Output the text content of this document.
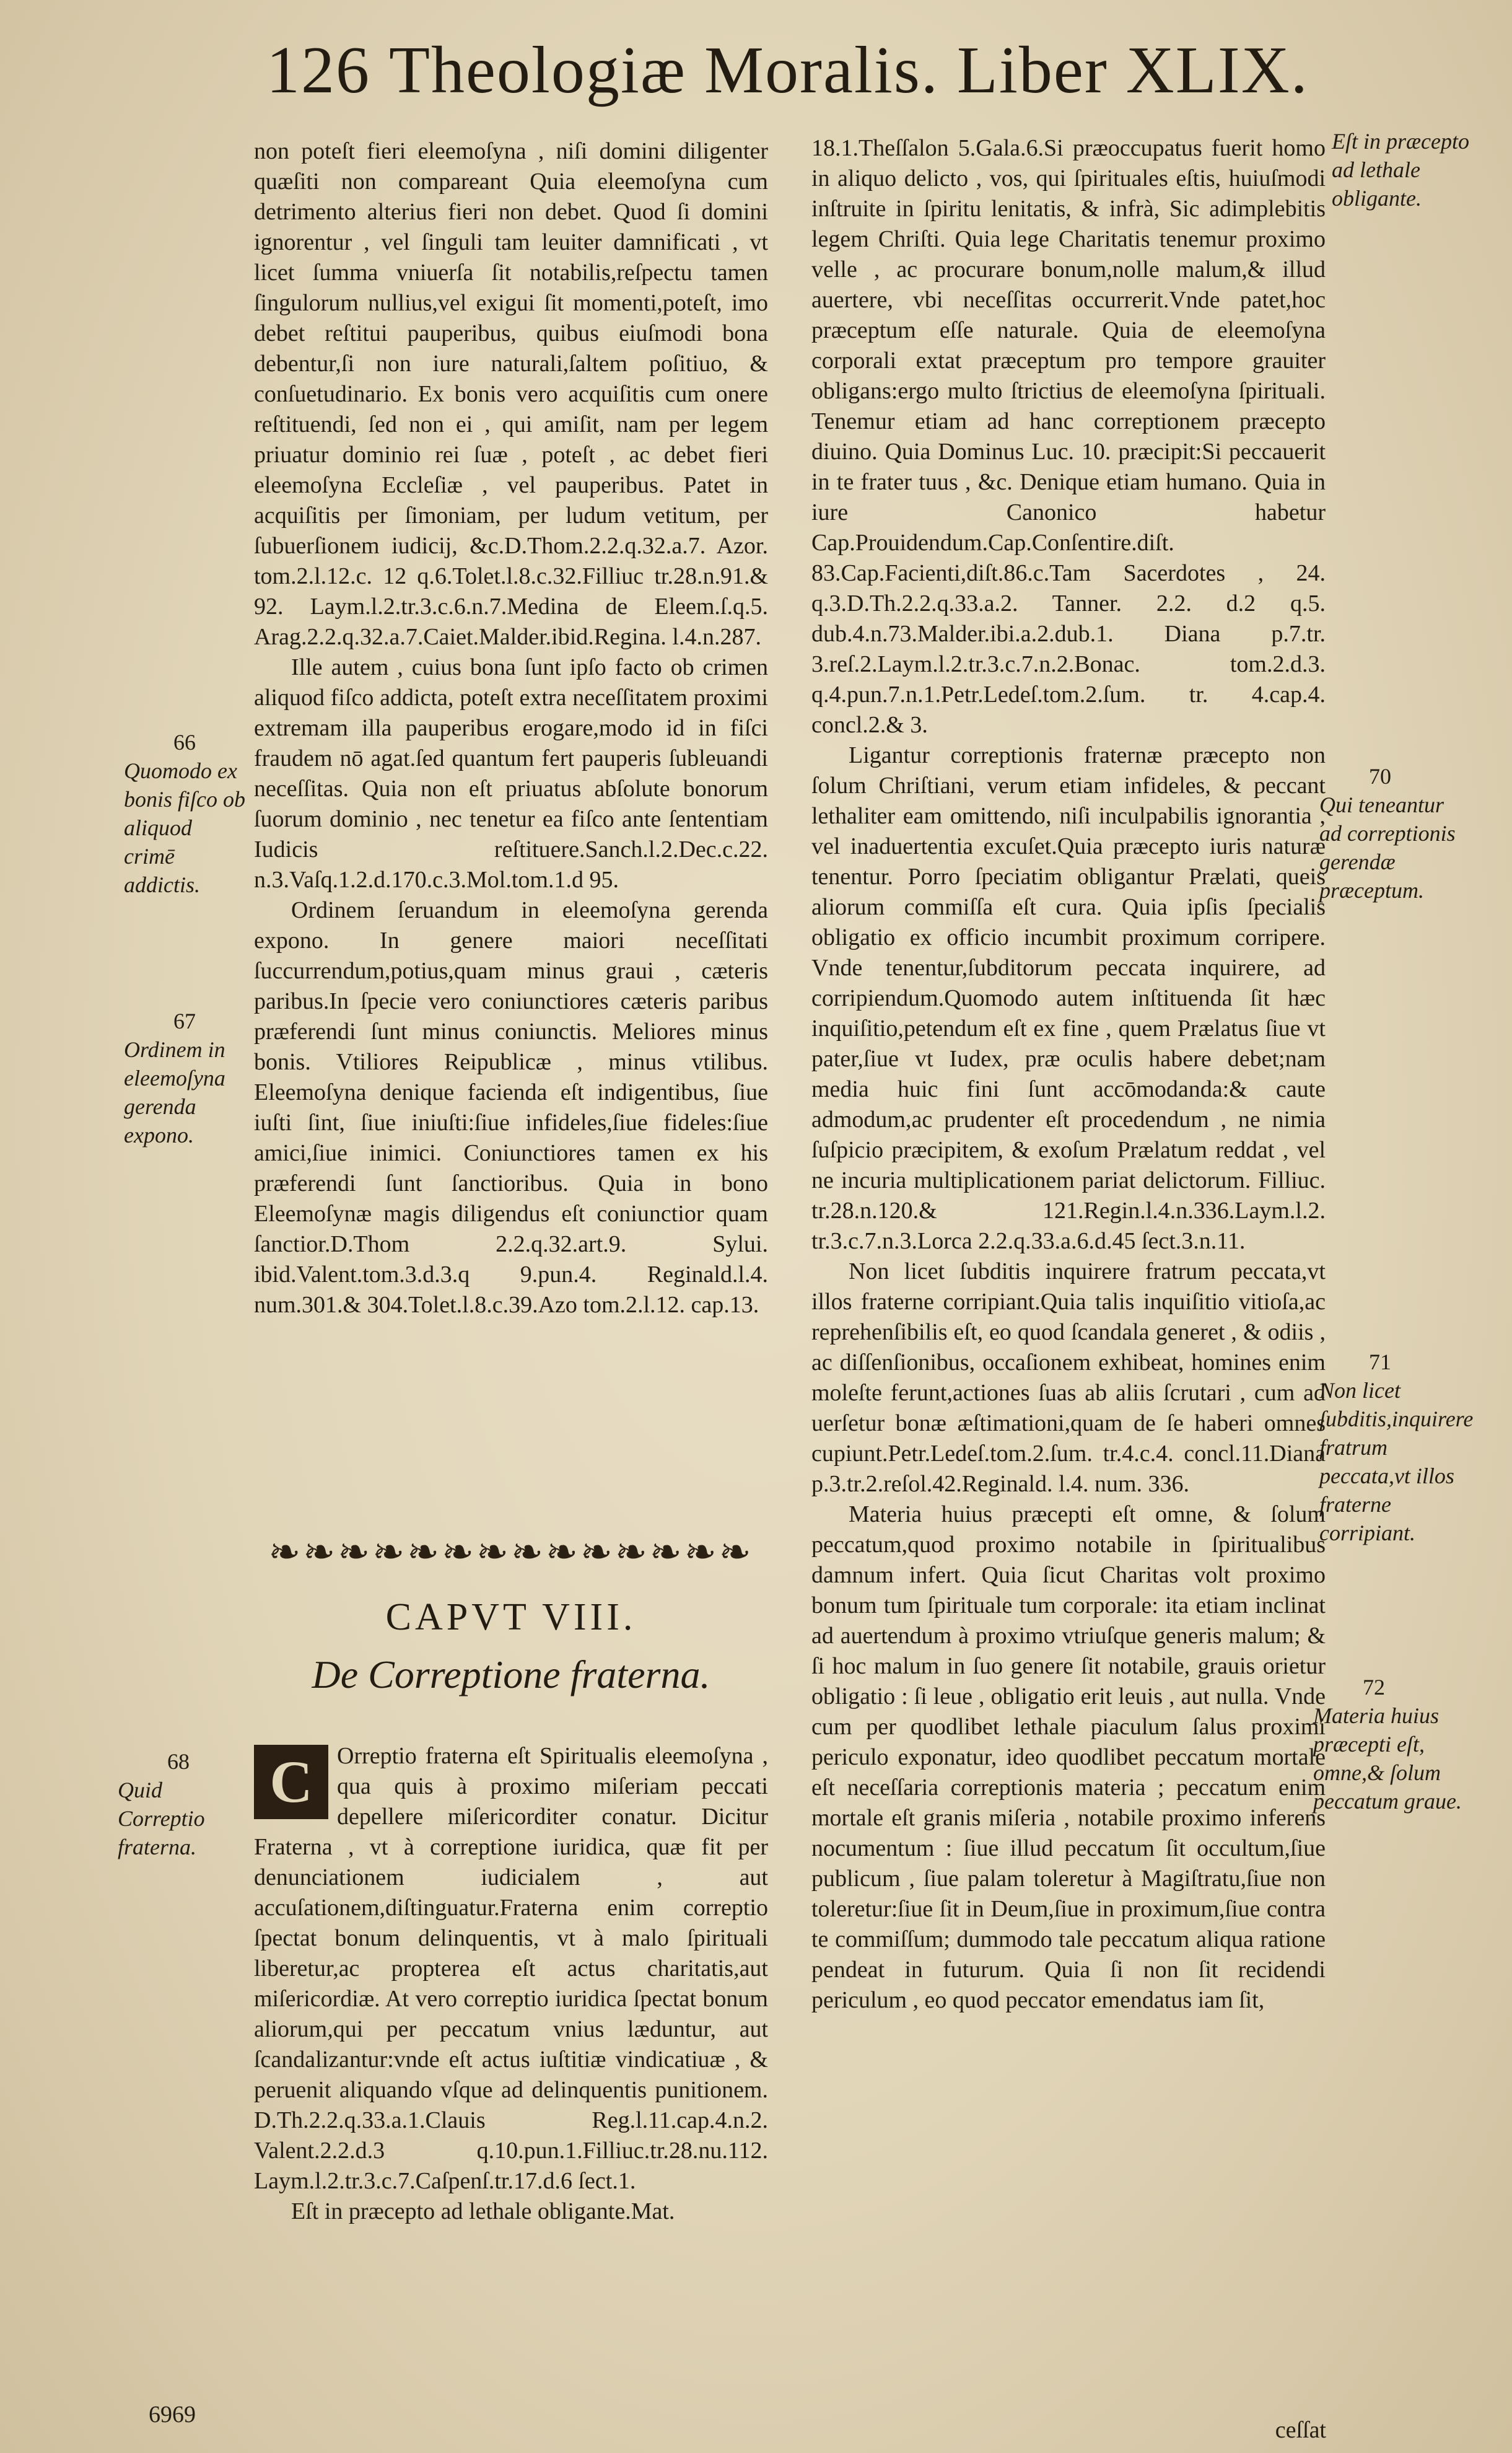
126 Theologiæ Moralis. Liber XLIX.
66
Quomodo ex bonis fiſco ob aliquod crimē addictis.
67
Ordinem in eleemoſyna gerenda expono.
68
Quid Correptio fraterna.

non poteſt fieri eleemoſyna , niſi domini diligenter quæſiti non compareant Quia eleemoſyna cum detrimento alterius fieri non debet. Quod ſi domini ignorentur , vel ſinguli tam leuiter damnificati , vt licet ſumma vniuerſa ſit notabilis,reſpectu tamen ſingulorum nullius,vel exigui ſit momenti,poteſt, imo debet reſtitui pauperibus, quibus eiuſmodi bona debentur,ſi non iure naturali,ſaltem poſitiuo, & conſuetudinario. Ex bonis vero acquiſitis cum onere reſtituendi, ſed non ei , qui amiſit, nam per legem priuatur dominio rei ſuæ , poteſt , ac debet fieri eleemoſyna Eccleſiæ , vel pauperibus. Patet in acquiſitis per ſimoniam, per ludum vetitum, per ſubuerſionem iudicij, &c.D.Thom.2.2.q.32.a.7. Azor. tom.2.l.12.c. 12 q.6.Tolet.l.8.c.32.Filliuc tr.28.n.91.& 92. Laym.l.2.tr.3.c.6.n.7.Medina de Eleem.ſ.q.5. Arag.2.2.q.32.a.7.Caiet.Malder.ibid.Regina. l.4.n.287.

Ille autem , cuius bona ſunt ipſo facto ob crimen aliquod fiſco addicta, poteſt extra neceſſitatem proximi extremam illa pauperibus erogare,modo id in fiſci fraudem nō agat.ſed quantum fert pauperis ſubleuandi neceſſitas. Quia non eſt priuatus abſolute bonorum ſuorum dominio , nec tenetur ea fiſco ante ſententiam Iudicis reſtituere.Sanch.l.2.Dec.c.22. n.3.Vaſq.1.2.d.170.c.3.Mol.tom.1.d 95.

Ordinem ſeruandum in eleemoſyna gerenda expono. In genere maiori neceſſitati ſuccurrendum,potius,quam minus graui , cæteris paribus.In ſpecie vero coniunctiores cæteris paribus præferendi ſunt minus coniunctis. Meliores minus bonis. Vtiliores Reipublicæ , minus vtilibus. Eleemoſyna denique facienda eſt indigentibus, ſiue iuſti ſint, ſiue iniuſti:ſiue infideles,ſiue fideles:ſiue amici,ſiue inimici. Coniunctiores tamen ex his præferendi ſunt ſanctioribus. Quia in bono Eleemoſynæ magis diligendus eſt coniunctior quam ſanctior.D.Thom 2.2.q.32.art.9. Sylui. ibid.Valent.tom.3.d.3.q 9.pun.4. Reginald.l.4. num.301.& 304.Tolet.l.8.c.39.Azo tom.2.l.12. cap.13.

❧❧❧❧❧❧❧❧❧❧❧❧❧❧
CAPVT VIII.
De Correptione fraterna.

C	Orreptio fraterna eſt Spiritualis eleemoſyna , qua quis à proximo miſeriam peccati depellere miſericorditer conatur. Dicitur Fraterna , vt à correptione iuridica, quæ fit per denunciationem iudicialem , aut accuſationem,diſtinguatur.Fraterna enim correptio ſpectat bonum delinquentis, vt à malo ſpirituali liberetur,ac propterea eſt actus charitatis,aut miſericordiæ. At vero correptio iuridica ſpectat bonum aliorum,qui per peccatum vnius læduntur, aut ſcandalizantur:vnde eſt actus iuſtitiæ vindicatiuæ , & peruenit aliquando vſque ad delinquentis punitionem. D.Th.2.2.q.33.a.1.Clauis Reg.l.11.cap.4.n.2. Valent.2.2.d.3 q.10.pun.1.Filliuc.tr.28.nu.112. Laym.l.2.tr.3.c.7.Caſpenſ.tr.17.d.6 ſect.1.

Eſt in præcepto ad lethale obligante.Mat.

6969

18.1.Theſſalon 5.Gala.6.Si præoccupatus fuerit homo in aliquo delicto , vos, qui ſpirituales eſtis, huiuſmodi inſtruite in ſpiritu lenitatis, & infrà, Sic adimplebitis legem Chriſti. Quia lege Charitatis tenemur proximo velle , ac procurare bonum,nolle malum,& illud auertere, vbi neceſſitas occurrerit.Vnde patet,hoc præceptum eſſe naturale. Quia de eleemoſyna corporali extat præceptum pro tempore grauiter obligans:ergo multo ſtrictius de eleemoſyna ſpirituali. Tenemur etiam ad hanc correptionem præcepto diuino. Quia Dominus Luc. 10. præcipit:Si peccauerit in te frater tuus , &c. Denique etiam humano. Quia in iure Canonico habetur Cap.Prouidendum.Cap.Conſentire.diſt. 83.Cap.Facienti,diſt.86.c.Tam Sacerdotes , 24. q.3.D.Th.2.2.q.33.a.2. Tanner. 2.2. d.2 q.5. dub.4.n.73.Malder.ibi.a.2.dub.1. Diana p.7.tr. 3.reſ.2.Laym.l.2.tr.3.c.7.n.2.Bonac. tom.2.d.3. q.4.pun.7.n.1.Petr.Ledeſ.tom.2.ſum. tr. 4.cap.4. concl.2.& 3.

Ligantur correptionis fraternæ præcepto non ſolum Chriſtiani, verum etiam infideles, & peccant lethaliter eam omittendo, niſi inculpabilis ignorantia , vel inaduertentia excuſet.Quia præcepto iuris naturæ tenentur. Porro ſpeciatim obligantur Prælati, queis aliorum commiſſa eſt cura. Quia ipſis ſpecialis obligatio ex officio incumbit proximum corripere. Vnde tenentur,ſubditorum peccata inquirere, ad corripiendum.Quomodo autem inſtituenda ſit hæc inquiſitio,petendum eſt ex fine , quem Prælatus ſiue vt pater,ſiue vt Iudex, præ oculis habere debet;nam media huic fini ſunt accōmodanda:& caute admodum,ac prudenter eſt procedendum , ne nimia ſuſpicio præcipitem, & exoſum Prælatum reddat , vel ne incuria multiplicationem pariat delictorum. Filliuc. tr.28.n.120.& 121.Regin.l.4.n.336.Laym.l.2. tr.3.c.7.n.3.Lorca 2.2.q.33.a.6.d.45 ſect.3.n.11.

Non licet ſubditis inquirere fratrum peccata,vt illos fraterne corripiant.Quia talis inquiſitio vitioſa,ac reprehenſibilis eſt, eo quod ſcandala generet , & odiis , ac diſſenſionibus, occaſionem exhibeat, homines enim moleſte ferunt,actiones ſuas ab aliis ſcrutari , cum ad uerſetur bonæ æſtimationi,quam de ſe haberi omnes cupiunt.Petr.Ledeſ.tom.2.ſum. tr.4.c.4. concl.11.Diana p.3.tr.2.reſol.42.Reginald. l.4. num. 336.

Materia huius præcepti eſt omne, & ſolum peccatum,quod proximo notabile in ſpiritualibus damnum infert. Quia ſicut Charitas volt proximo bonum tum ſpirituale tum corporale: ita etiam inclinat ad auertendum à proximo vtriuſque generis malum; & ſi hoc malum in ſuo genere ſit notabile, grauis orietur obligatio : ſi leue , obligatio erit leuis , aut nulla. Vnde cum per quodlibet lethale piaculum ſalus proximi periculo exponatur, ideo quodlibet peccatum mortale eſt neceſſaria correptionis materia ; peccatum enim mortale eſt granis miſeria , notabile proximo inferens nocumentum : ſiue illud peccatum ſit occultum,ſiue publicum , ſiue palam toleretur à Magiſtratu,ſiue non toleretur:ſiue ſit in Deum,ſiue in proximum,ſiue contra te commiſſum; dummodo tale peccatum aliqua ratione pendeat in futurum. Quia ſi non ſit recidendi periculum , eo quod peccator emendatus iam ſit,

Eſt in præcepto ad lethale obligante.
70
Qui teneantur ad correptionis gerendæ præceptum.
71
Non licet ſubditis,inquirere fratrum peccata,vt illos fraterne corripiant.
72
Materia huius præcepti eſt, omne,& ſolum peccatum graue.
ceſſat
